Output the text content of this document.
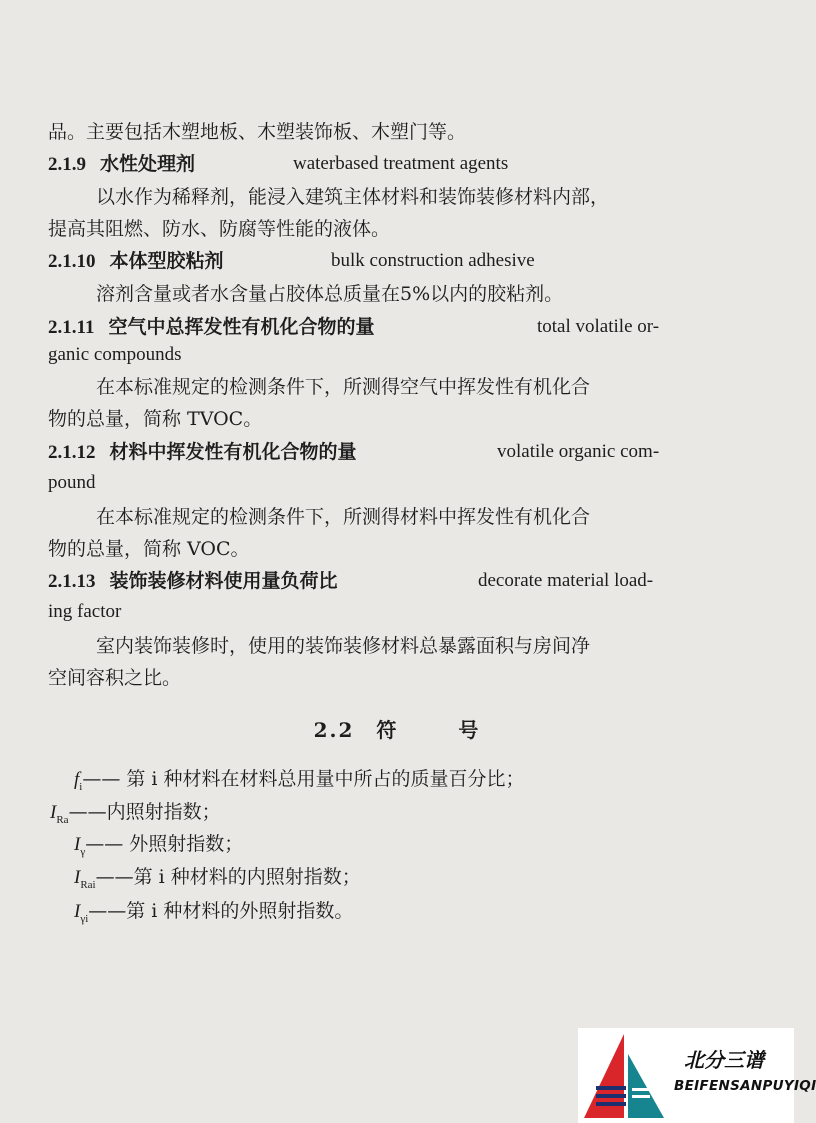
品。主要包括木塑地板、木塑装饰板、木塑门等。
2.1.9 水性处理剂	waterbased treatment agents
以水作为稀释剂，能浸入建筑主体材料和装饰装修材料内部，
提高其阻燃、防水、防腐等性能的液体。
2.1.10 本体型胶粘剂	bulk construction adhesive
溶剂含量或者水含量占胶体总质量在5%以内的胶粘剂。
2.1.11 空气中总挥发性有机化合物的量	total volatile or-
ganic compounds
在本标准规定的检测条件下，所测得空气中挥发性有机化合
物的总量，简称 TVOC。
2.1.12 材料中挥发性有机化合物的量	volatile organic com-
pound
在本标准规定的检测条件下，所测得材料中挥发性有机化合
物的总量，简称 VOC。
2.1.13 装饰装修材料使用量负荷比	decorate material load-
ing factor
室内装饰装修时，使用的装饰装修材料总暴露面积与房间净
空间容积之比。
2.2 符	号
$f_i——$ 第 i 种材料在材料总用量中所占的质量百分比；
$I_{Ra}——$内照射指数；
$I_\gamma——$ 外照射指数；
$I_{Rai}——$第 i 种材料的内照射指数；
$I_{\gamma i}——$第 i 种材料的外照射指数。
北分三谱
BEIFENSANPUYIQI
